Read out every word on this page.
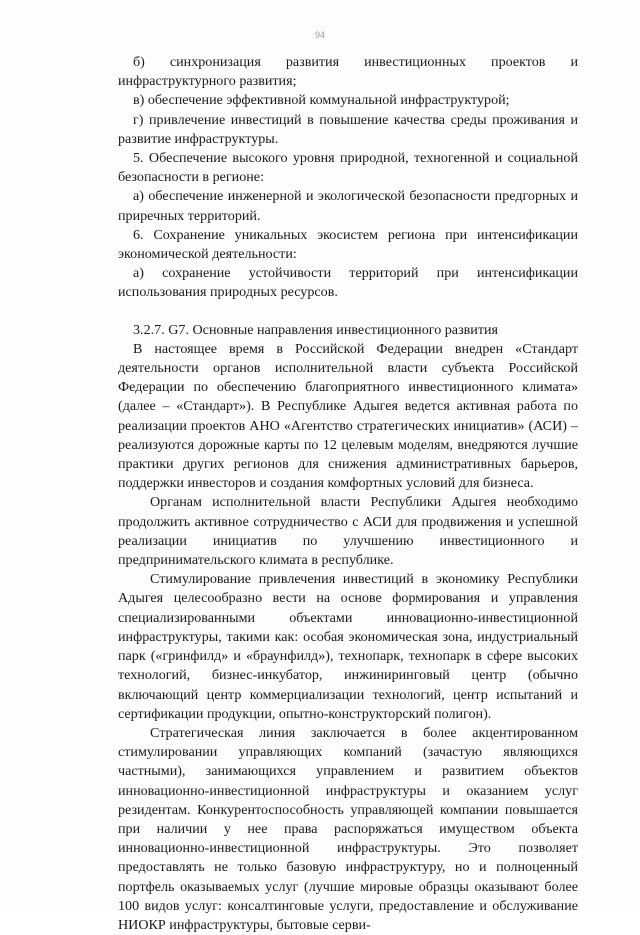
94

б) синхронизация развития инвестиционных проектов и инфраструктурного развития;

в) обеспечение эффективной коммунальной инфраструктурой;

г) привлечение инвестиций в повышение качества среды проживания и развитие инфраструктуры.

5. Обеспечение высокого уровня природной, техногенной и социальной безопасности в регионе:

а) обеспечение инженерной и экологической безопасности предгорных и приречных территорий.

6. Сохранение уникальных экосистем региона при интенсификации экономической деятельности:

а) сохранение устойчивости территорий при интенсификации использования природных ресурсов.

3.2.7. G7. Основные направления инвестиционного развития

В настоящее время в Российской Федерации внедрен «Стандарт деятельности органов исполнительной власти субъекта Российской Федерации по обеспечению благоприятного инвестиционного климата» (далее – «Стандарт»). В Республике Адыгея ведется активная работа по реализации проектов АНО «Агентство стратегических инициатив» (АСИ) – реализуются дорожные карты по 12 целевым моделям, внедряются лучшие практики других регионов для снижения административных барьеров, поддержки инвесторов и создания комфортных условий для бизнеса.

Органам исполнительной власти Республики Адыгея необходимо продолжить активное сотрудничество с АСИ для продвижения и успешной реализации инициатив по улучшению инвестиционного и предпринимательского климата в республике.

Стимулирование привлечения инвестиций в экономику Республики Адыгея целесообразно вести на основе формирования и управления специализированными объектами инновационно-инвестиционной инфраструктуры, такими как: особая экономическая зона, индустриальный парк («гринфилд» и «браунфилд»), технопарк, технопарк в сфере высоких технологий, бизнес-инкубатор, инжиниринговый центр (обычно включающий центр коммерциализации технологий, центр испытаний и сертификации продукции, опытно-конструкторский полигон).

Стратегическая линия заключается в более акцентированном стимулировании управляющих компаний (зачастую являющихся частными), занимающихся управлением и развитием объектов инновационно-инвестиционной инфраструктуры и оказанием услуг резидентам. Конкурентоспособность управляющей компании повышается при наличии у нее права распоряжаться имуществом объекта инновационно-инвестиционной инфраструктуры. Это позволяет предоставлять не только базовую инфраструктуру, но и полноценный портфель оказываемых услуг (лучшие мировые образцы оказывают более 100 видов услуг: консалтинговые услуги, предоставление и обслуживание НИОКР инфраструктуры, бытовые серви-
